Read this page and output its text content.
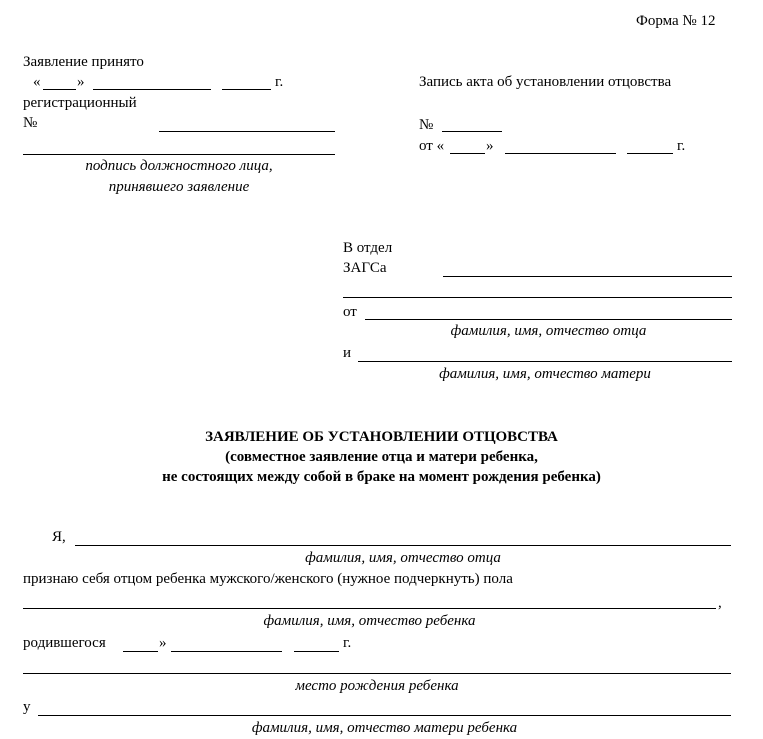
Форма № 12
Заявление принято
« »	г.
регистрационный
№
подпись должностного лица,
принявшего заявление
Запись акта об установлении отцовства
№
от «	»	г.
В отдел
ЗАГСа
от
фамилия, имя, отчество отца
и
фамилия, имя, отчество матери
ЗАЯВЛЕНИЕ ОБ УСТАНОВЛЕНИИ ОТЦОВСТВА
(совместное заявление отца и матери ребенка,
не состоящих между собой в браке на момент рождения ребенка)
Я,
фамилия, имя, отчество отца
признаю себя отцом ребенка мужского/женского (нужное подчеркнуть) пола
,
фамилия, имя, отчество ребенка
родившегося	»	г.
место рождения ребенка
у
фамилия, имя, отчество матери ребенка
